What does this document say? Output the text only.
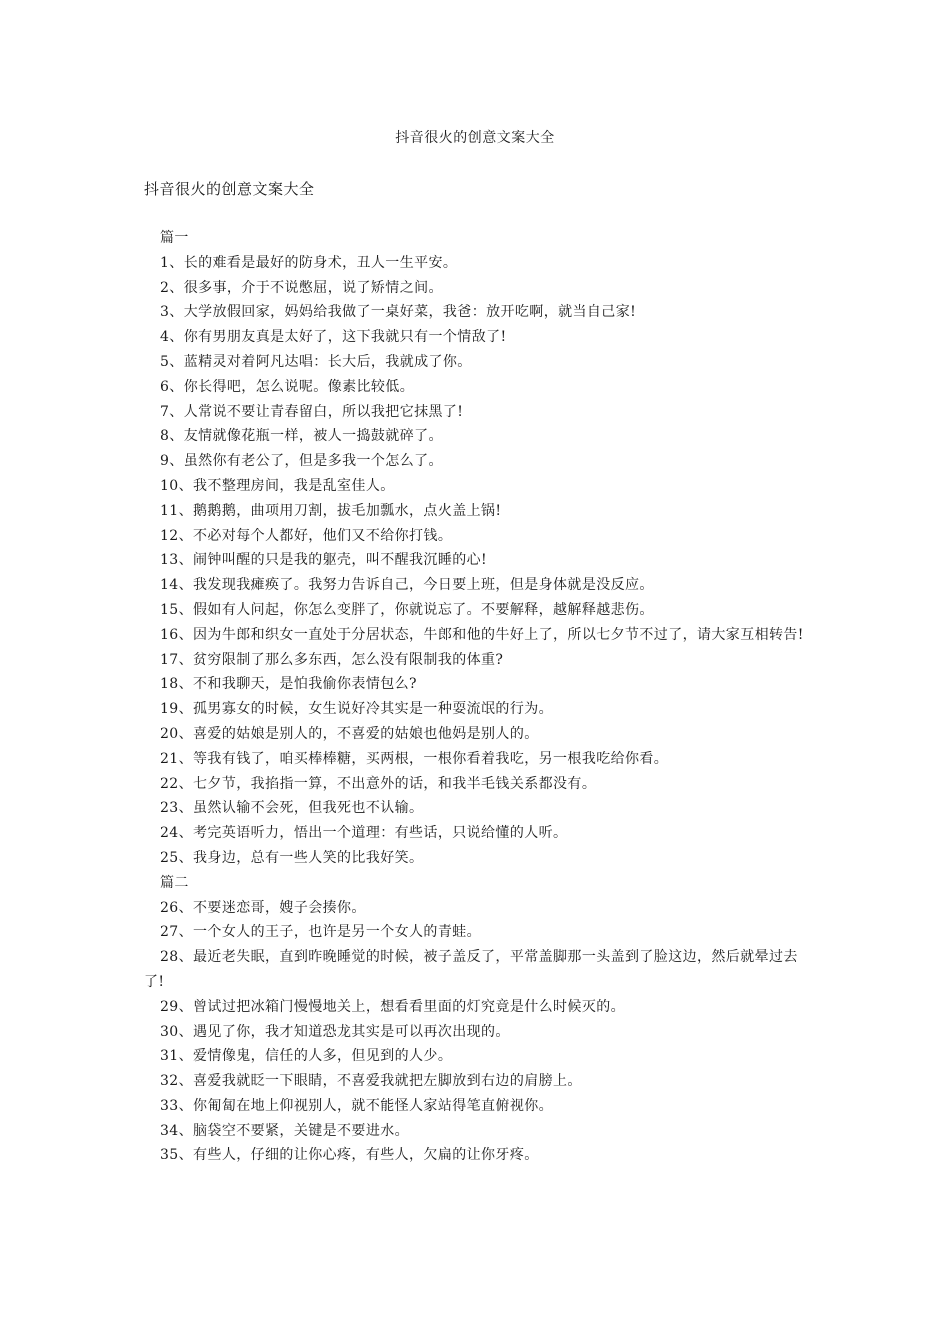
抖音很火的创意文案大全
抖音很火的创意文案大全
篇一
1、长的难看是最好的防身术，丑人一生平安。
2、很多事，介于不说憋屈，说了矫情之间。
3、大学放假回家，妈妈给我做了一桌好菜，我爸：放开吃啊，就当自己家!
4、你有男朋友真是太好了，这下我就只有一个情敌了!
5、蓝精灵对着阿凡达唱：长大后，我就成了你。
6、你长得吧，怎么说呢。像素比较低。
7、人常说不要让青春留白，所以我把它抹黑了!
8、友情就像花瓶一样，被人一捣鼓就碎了。
9、虽然你有老公了，但是多我一个怎么了。
10、我不整理房间，我是乱室佳人。
11、鹅鹅鹅，曲项用刀割，拔毛加瓢水，点火盖上锅!
12、不必对每个人都好，他们又不给你打钱。
13、闹钟叫醒的只是我的躯壳，叫不醒我沉睡的心!
14、我发现我瘫痪了。我努力告诉自己，今日要上班，但是身体就是没反应。
15、假如有人问起，你怎么变胖了，你就说忘了。不要解释，越解释越悲伤。
16、因为牛郎和织女一直处于分居状态，牛郎和他的牛好上了，所以七夕节不过了，请大家互相转告!
17、贫穷限制了那么多东西，怎么没有限制我的体重?
18、不和我聊天，是怕我偷你表情包么?
19、孤男寡女的时候，女生说好冷其实是一种耍流氓的行为。
20、喜爱的姑娘是别人的，不喜爱的姑娘也他妈是别人的。
21、等我有钱了，咱买棒棒糖，买两根，一根你看着我吃，另一根我吃给你看。
22、七夕节，我掐指一算，不出意外的话，和我半毛钱关系都没有。
23、虽然认输不会死，但我死也不认输。
24、考完英语听力，悟出一个道理：有些话，只说给懂的人听。
25、我身边，总有一些人笑的比我好笑。
篇二
26、不要迷恋哥，嫂子会揍你。
27、一个女人的王子，也许是另一个女人的青蛙。
28、最近老失眠，直到昨晚睡觉的时候，被子盖反了，平常盖脚那一头盖到了脸这边，然后就晕过去了!
29、曾试过把冰箱门慢慢地关上，想看看里面的灯究竟是什么时候灭的。
30、遇见了你，我才知道恐龙其实是可以再次出现的。
31、爱情像鬼，信任的人多，但见到的人少。
32、喜爱我就眨一下眼睛，不喜爱我就把左脚放到右边的肩膀上。
33、你匍匐在地上仰视别人，就不能怪人家站得笔直俯视你。
34、脑袋空不要紧，关键是不要进水。
35、有些人，仔细的让你心疼，有些人，欠扁的让你牙疼。
